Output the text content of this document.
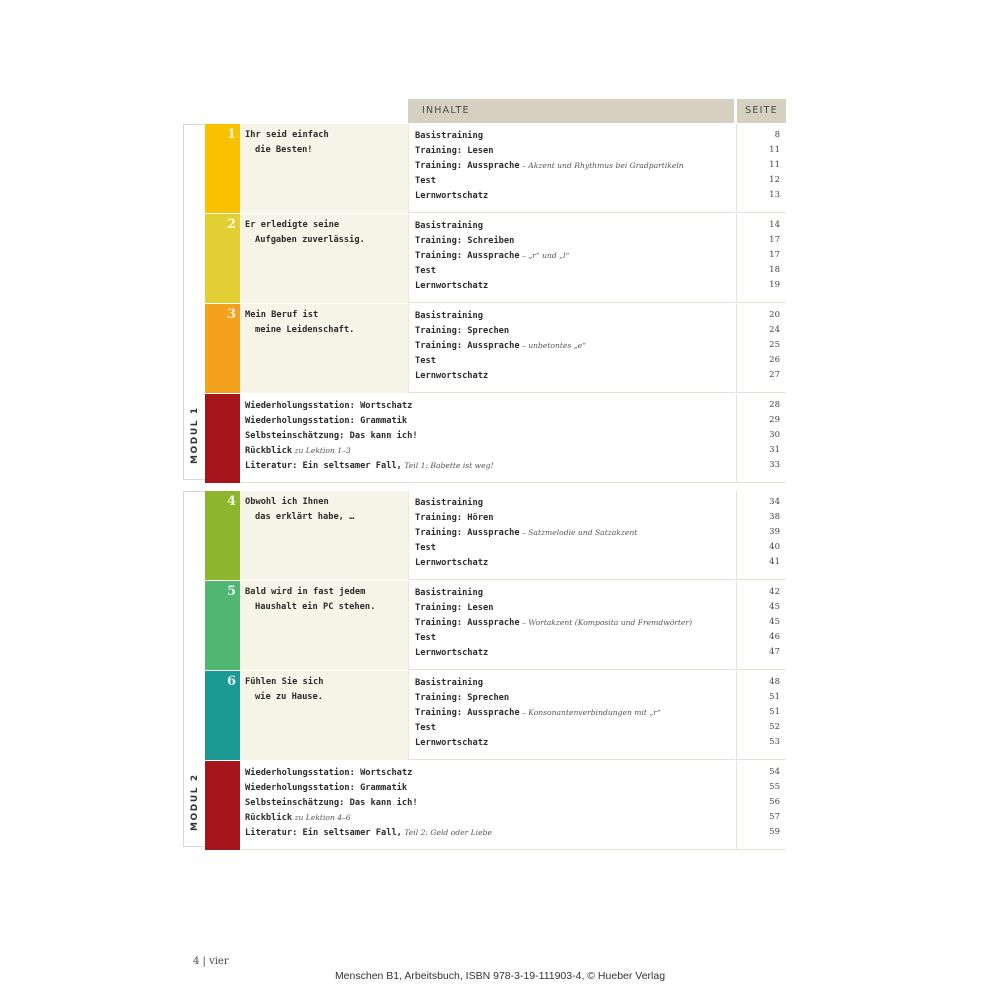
INHALTE	SEITE
MODUL 1
1 Ihr seid einfach
die Besten!
Basistraining
Training: Lesen
Training: Aussprache – Akzent und Rhythmus bei Gradpartikeln
Test
Lernwortschatz
8
11
11
12
13
2 Er erledigte seine
Aufgaben zuverlässig.
Basistraining
Training: Schreiben
Training: Aussprache – „r“ und „l“
Test
Lernwortschatz
14
17
17
18
19
3 Mein Beruf ist
meine Leidenschaft.
Basistraining
Training: Sprechen
Training: Aussprache – unbetontes „e“
Test
Lernwortschatz
20
24
25
26
27
Wiederholungsstation: Wortschatz
Wiederholungsstation: Grammatik
Selbsteinschätzung: Das kann ich!
Rückblick zu Lektion 1–3
Literatur: Ein seltsamer Fall, Teil 1: Babette ist weg!
28
29
30
31
33
MODUL 2
4 Obwohl ich Ihnen
das erklärt habe, …
Basistraining
Training: Hören
Training: Aussprache – Satzmelodie und Satzakzent
Test
Lernwortschatz
34
38
39
40
41
5 Bald wird in fast jedem
Haushalt ein PC stehen.
Basistraining
Training: Lesen
Training: Aussprache – Wortakzent (Komposita und Fremdwörter)
Test
Lernwortschatz
42
45
45
46
47
6 Fühlen Sie sich
wie zu Hause.
Basistraining
Training: Sprechen
Training: Aussprache – Konsonantenverbindungen mit „r“
Test
Lernwortschatz
48
51
51
52
53
Wiederholungsstation: Wortschatz
Wiederholungsstation: Grammatik
Selbsteinschätzung: Das kann ich!
Rückblick zu Lektion 4–6
Literatur: Ein seltsamer Fall, Teil 2: Geld oder Liebe
54
55
56
57
59
4 | vier
Menschen B1, Arbeitsbuch, ISBN 978-3-19-111903-4, © Hueber Verlag
